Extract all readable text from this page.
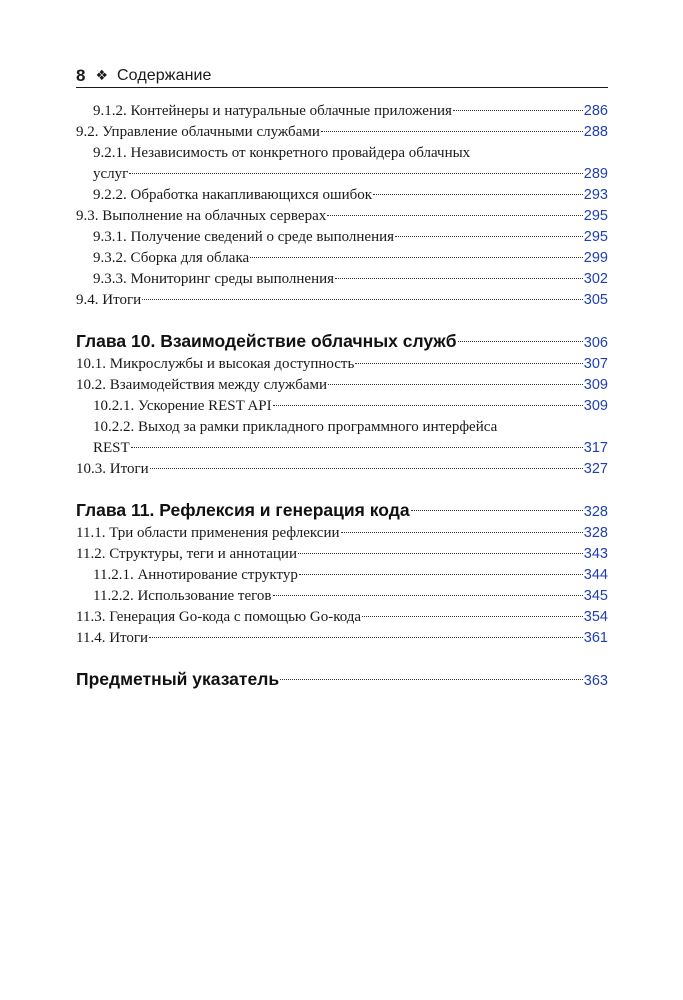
8 ❖ Содержание
9.1.2. Контейнеры и натуральные облачные приложения	286
9.2. Управление облачными службами	288
9.2.1. Независимость от конкретного провайдера облачных
услуг	289
9.2.2. Обработка накапливающихся ошибок	293
9.3. Выполнение на облачных серверах	295
9.3.1. Получение сведений о среде выполнения	295
9.3.2. Сборка для облака	299
9.3.3. Мониторинг среды выполнения	302
9.4. Итоги	305
Глава 10. Взаимодействие облачных служб	306
10.1. Микрослужбы и высокая доступность	307
10.2. Взаимодействия между службами	309
10.2.1. Ускорение REST API	309
10.2.2. Выход за рамки прикладного программного интерфейса
REST	317
10.3. Итоги	327
Глава 11. Рефлексия и генерация кода	328
11.1. Три области применения рефлексии	328
11.2. Структуры, теги и аннотации	343
11.2.1. Аннотирование структур	344
11.2.2. Использование тегов	345
11.3. Генерация Go-кода с помощью Go-кода	354
11.4. Итоги	361
Предметный указатель	363
